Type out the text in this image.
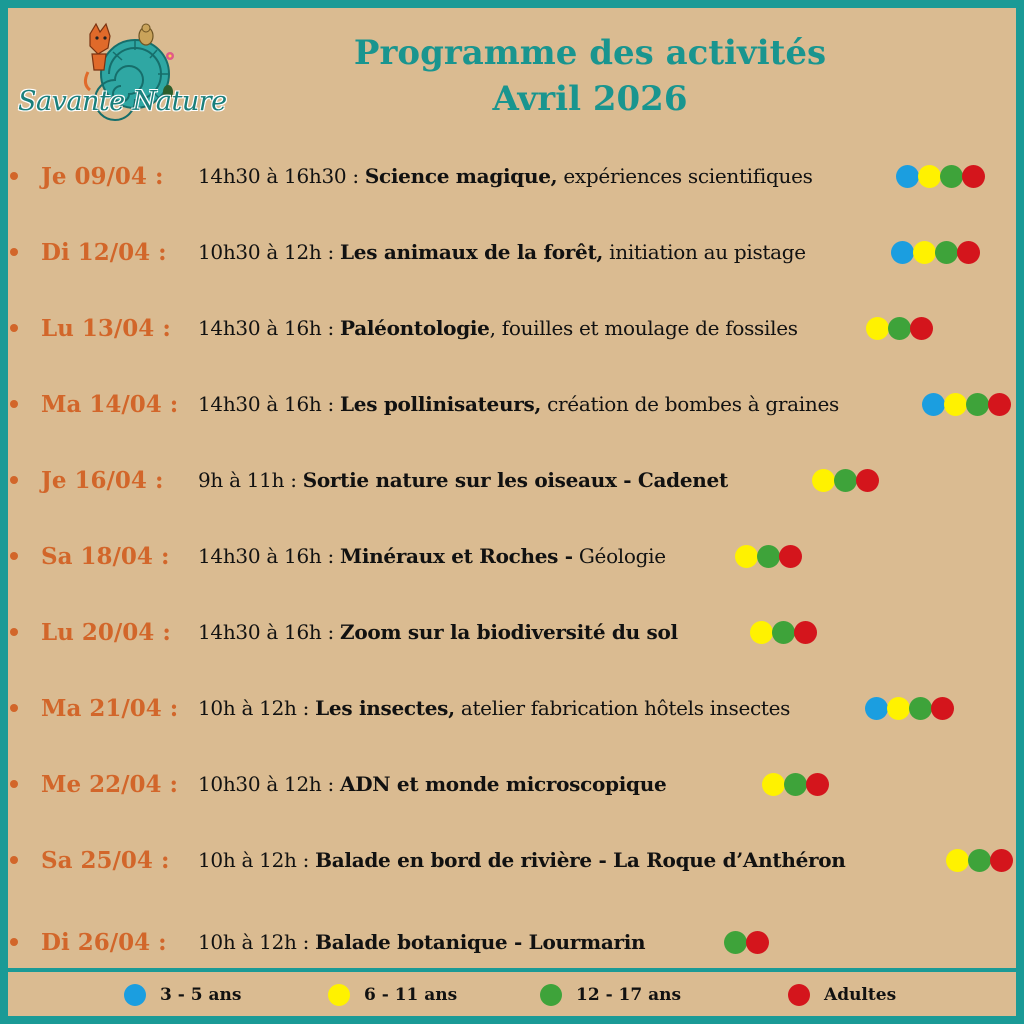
Savante Nature
Programme des activités
Avril 2026
Je 09/04 : 14h30 à 16h30 : Science magique, expériences scientifiques
Di 12/04 : 10h30 à 12h : Les animaux de la forêt, initiation au pistage
Lu 13/04 : 14h30 à 16h : Paléontologie, fouilles et moulage de fossiles
Ma 14/04 : 14h30 à 16h : Les pollinisateurs, création de bombes à graines
Je 16/04 : 9h à 11h : Sortie nature sur les oiseaux - Cadenet
Sa 18/04 : 14h30 à 16h : Minéraux et Roches - Géologie
Lu 20/04 : 14h30 à 16h : Zoom sur la biodiversité du sol
Ma 21/04 : 10h à 12h : Les insectes, atelier fabrication hôtels insectes
Me 22/04 : 10h30 à 12h : ADN et monde microscopique
Sa 25/04 : 10h à 12h : Balade en bord de rivière - La Roque d’Anthéron
Di 26/04 : 10h à 12h : Balade botanique - Lourmarin
3 - 5 ans	6 - 11 ans	12 - 17 ans	Adultes
